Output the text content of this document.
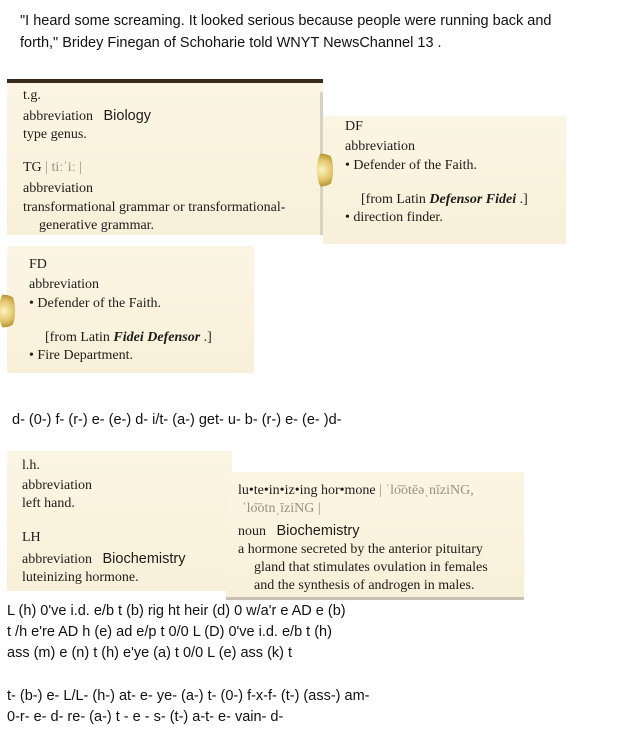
"I heard some screaming. It looked serious because people were running back and
forth," Bridey Finegan of Schoharie told WNYT NewsChannel 13 .
t.g.
abbreviation Biology
type genus.
TG | tiːˈiː |
abbreviation
transformational grammar or transformational-
generative grammar.
DF
abbreviation
• Defender of the Faith.
[from Latin Defensor Fidei .]
• direction finder.
FD
abbreviation
• Defender of the Faith.
[from Latin Fidei Defensor .]
• Fire Department.
d- (0-) f- (r-) e- (e-) d- i/t- (a-) get- u- b- (r-) e- (e- )d-
l.h.
abbreviation
left hand.
LH
abbreviation Biochemistry
luteinizing hormone.
lu•te•in•iz•ing hor•mone | ˈlo͞otēəˌnīziNG,
ˈlo͞otnˌīziNG |
noun Biochemistry
a hormone secreted by the anterior pituitary
gland that stimulates ovulation in females
and the synthesis of androgen in males.
L (h) 0've i.d. e/b t (b) rig ht heir (d) 0 w/a'r e AD e (b)
t /h e're AD h (e) ad e/p t 0/0 L (D) 0've i.d. e/b t (h)
ass (m) e (n) t (h) e'ye (a) t 0/0 L (e) ass (k) t
t- (b-) e- L/L- (h-) at- e- ye- (a-) t- (0-) f-x-f- (t-) (ass-) am-
0-r- e- d- re- (a-) t - e - s- (t-) a-t- e- vain- d-
